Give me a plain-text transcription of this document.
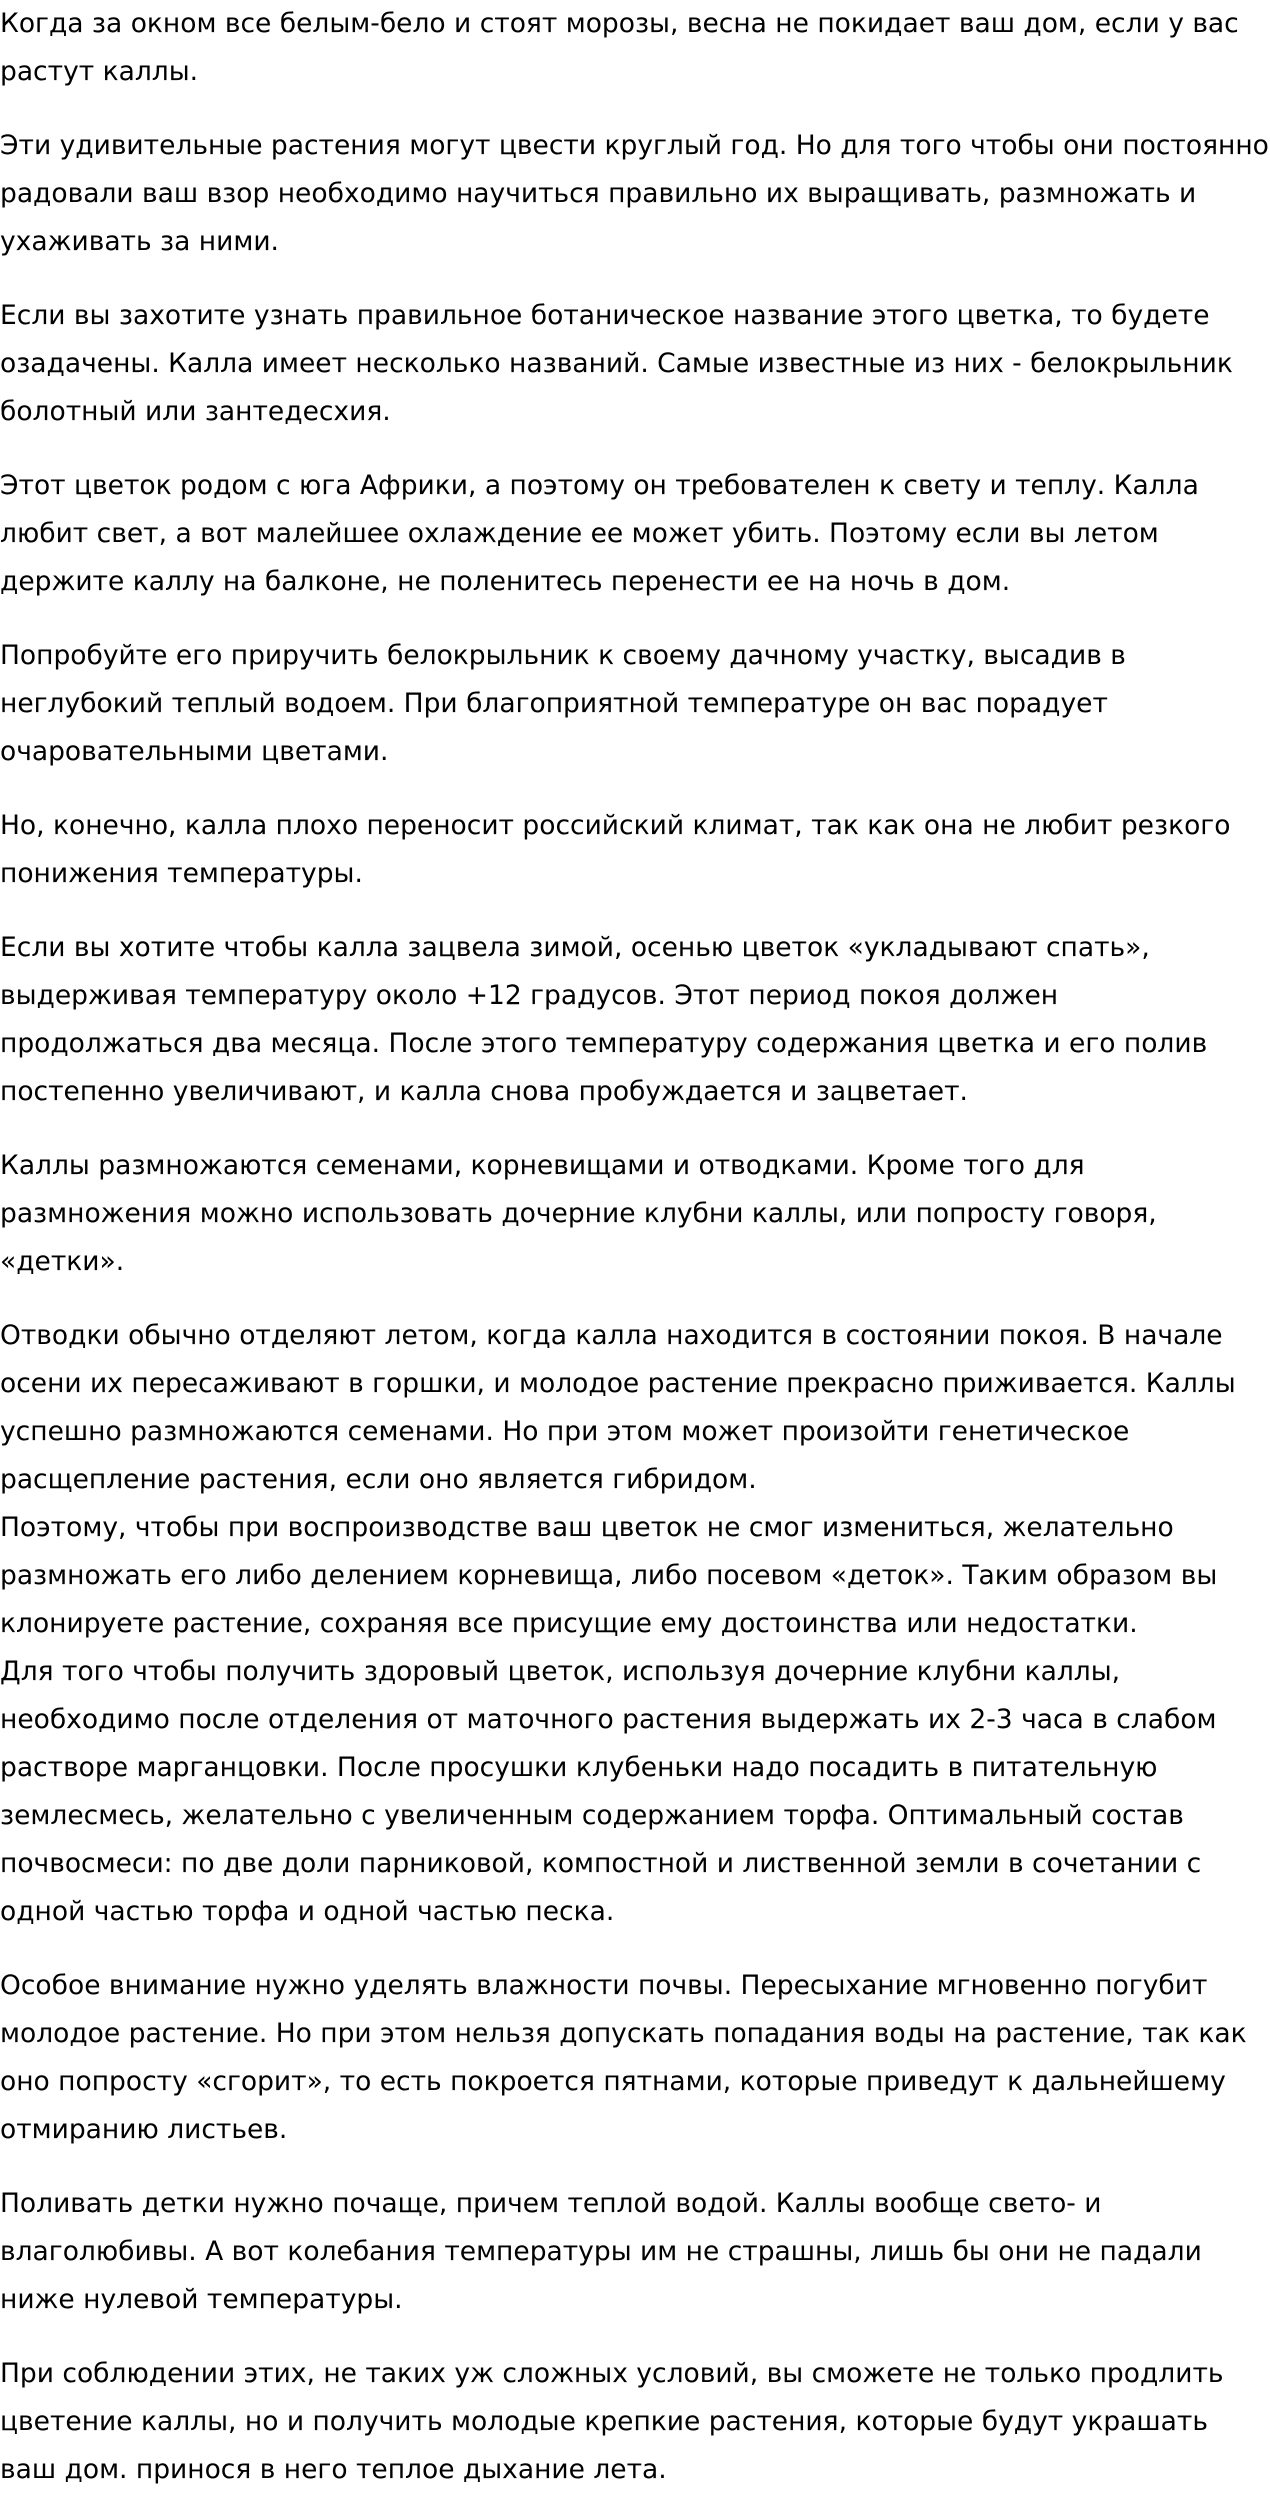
Когда за окном все белым-бело и стоят морозы, весна не покидает ваш дом, если у вас растут каллы.

Эти удивительные растения могут цвести круглый год. Но для того чтобы они постоянно радовали ваш взор необходимо научиться правильно их выращивать, размножать и ухаживать за ними.

Если вы захотите узнать правильное ботаническое название этого цветка, то будете озадачены. Калла имеет несколько названий. Самые известные из них - белокрыльник болотный или зантедесхия.

Этот цветок родом с юга Африки, а поэтому он требователен к свету и теплу. Калла любит свет, а вот малейшее охлаждение ее может убить. Поэтому если вы летом держите каллу на балконе, не поленитесь перенести ее на ночь в дом.

Попробуйте его приручить белокрыльник к своему дачному участку, высадив в неглубокий теплый водоем. При благоприятной температуре он вас порадует очаровательными цветами.

Но, конечно, калла плохо переносит российский климат, так как она не любит резкого понижения температуры.

Если вы хотите чтобы калла зацвела зимой, осенью цветок «укладывают спать», выдерживая температуру около +12 градусов. Этот период покоя должен продолжаться два месяца. После этого температуру содержания цветка и его полив постепенно увеличивают, и калла снова пробуждается и зацветает.

Каллы размножаются семенами, корневищами и отводками. Кроме того для размножения можно использовать дочерние клубни каллы, или попросту говоря, «детки».

Отводки обычно отделяют летом, когда калла находится в состоянии покоя. В начале осени их пересаживают в горшки, и молодое растение прекрасно приживается. Каллы успешно размножаются семенами. Но при этом может произойти генетическое расщепление растения, если оно является гибридом.

Поэтому, чтобы при воспроизводстве ваш цветок не смог измениться, желательно размножать его либо делением корневища, либо посевом «деток». Таким образом вы клонируете растение, сохраняя все присущие ему достоинства или недостатки.

Для того чтобы получить здоровый цветок, используя дочерние клубни каллы, необходимо после отделения от маточного растения выдержать их 2-3 часа в слабом растворе марганцовки. После просушки клубеньки надо посадить в питательную землесмесь, желательно с увеличенным содержанием торфа. Оптимальный состав почвосмеси: по две доли парниковой, компостной и лиственной земли в сочетании с одной частью торфа и одной частью песка.

Особое внимание нужно уделять влажности почвы. Пересыхание мгновенно погубит молодое растение. Но при этом нельзя допускать попадания воды на растение, так как оно попросту «сгорит», то есть покроется пятнами, которые приведут к дальнейшему отмиранию листьев.

Поливать детки нужно почаще, причем теплой водой. Каллы вообще свето- и влаголюбивы. А вот колебания температуры им не страшны, лишь бы они не падали ниже нулевой температуры.

При соблюдении этих, не таких уж сложных условий, вы сможете не только продлить цветение каллы, но и получить молодые крепкие растения, которые будут украшать ваш дом. принося в него теплое дыхание лета.
